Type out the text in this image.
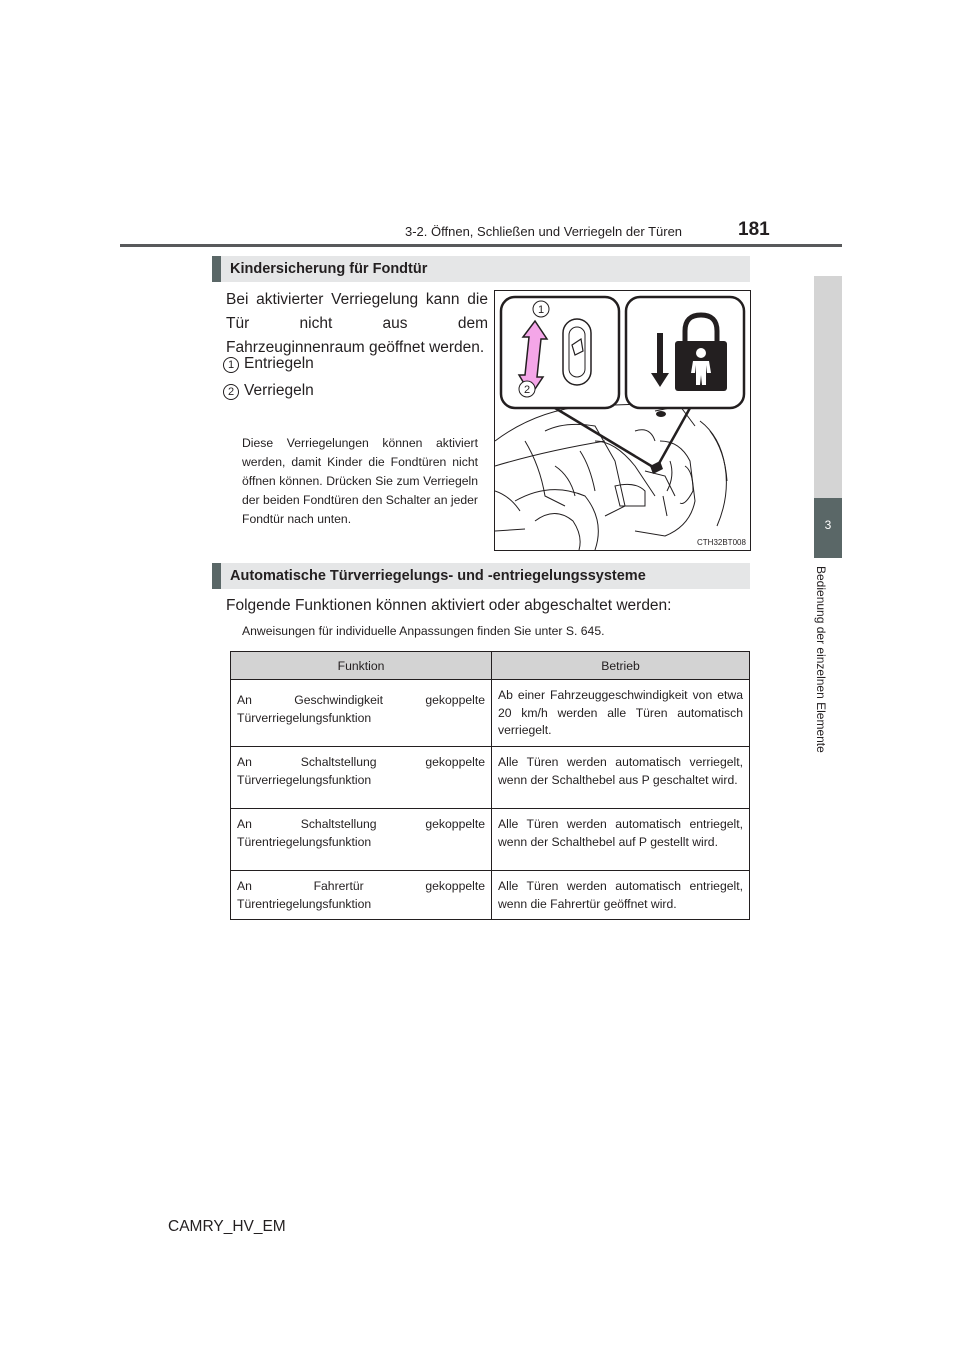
3-2. Öffnen, Schließen und Verriegeln der Türen	181
3
Bedienung der einzelnen Elemente
Kindersicherung für Fondtür
Bei aktivierter Verriegelung kann die Tür nicht aus dem Fahrzeuginnenraum geöffnet werden.
1 Entriegeln
2 Verriegeln
Diese Verriegelungen können aktiviert werden, damit Kinder die Fondtüren nicht öffnen können. Drücken Sie zum Verriegeln der beiden Fondtüren den Schalter an jeder Fondtür nach unten.
1
2
CTH32BT008
Automatische Türverriegelungs- und -entriegelungssysteme
Folgende Funktionen können aktiviert oder abgeschaltet werden:
Anweisungen für individuelle Anpassungen finden Sie unter S. 645.
Funktion	Betrieb
An Geschwindigkeit gekoppelte Türverriegelungsfunktion	Ab einer Fahrzeuggeschwindigkeit von etwa 20 km/h werden alle Türen automatisch verriegelt.
An Schaltstellung gekoppelte Türverriegelungsfunktion	Alle Türen werden automatisch verriegelt, wenn der Schalthebel aus P geschaltet wird.
An Schaltstellung gekoppelte Türentriegelungsfunktion	Alle Türen werden automatisch entriegelt, wenn der Schalthebel auf P gestellt wird.
An Fahrertür gekoppelte Türentriegelungsfunktion	Alle Türen werden automatisch entriegelt, wenn die Fahrertür geöffnet wird.
CAMRY_HV_EM
